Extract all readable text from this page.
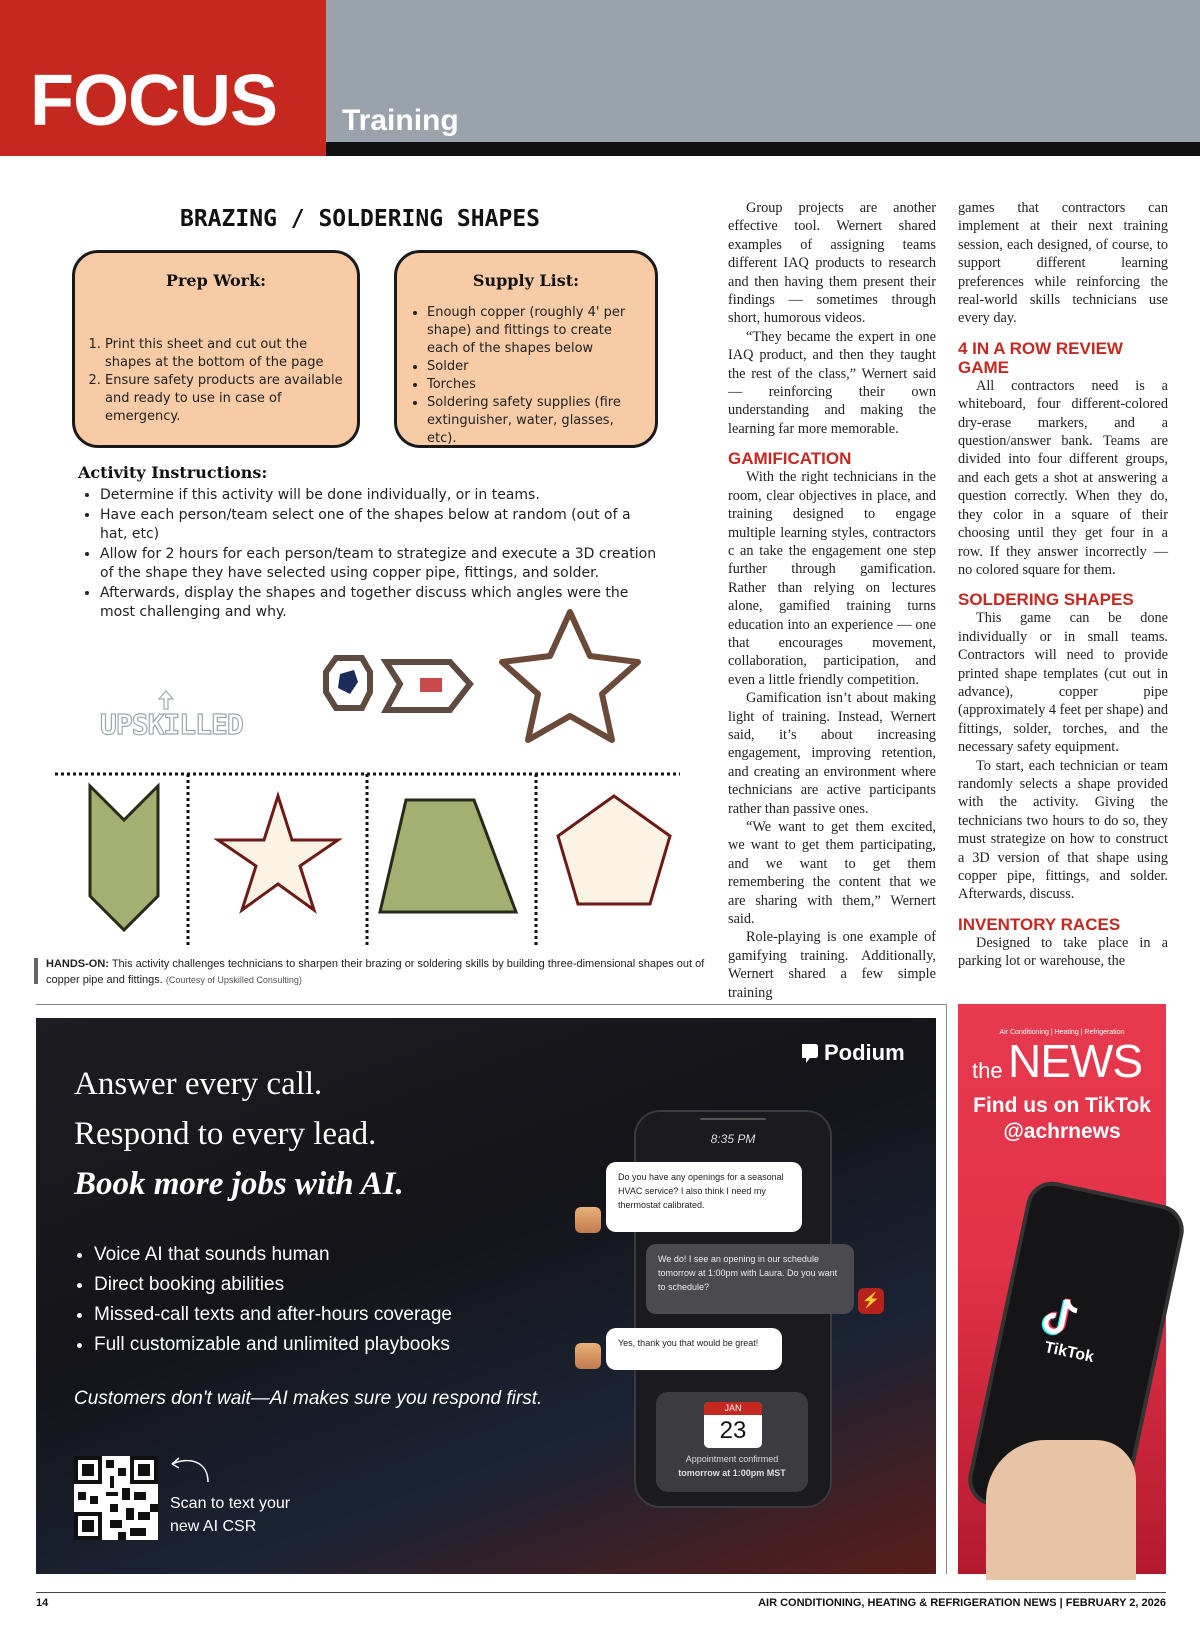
FOCUS Training
BRAZING / SOLDERING SHAPES
Prep Work:
1. Print this sheet and cut out the shapes at the bottom of the page
2. Ensure safety products are available and ready to use in case of emergency.
Supply List:
• Enough copper (roughly 4' per shape) and fittings to create each of the shapes below
• Solder
• Torches
• Soldering safety supplies (fire extinguisher, water, glasses, etc).
Activity Instructions:
• Determine if this activity will be done individually, or in teams.
• Have each person/team select one of the shapes below at random (out of a hat, etc)
• Allow for 2 hours for each person/team to strategize and execute a 3D creation of the shape they have selected using copper pipe, fittings, and solder.
• Afterwards, display the shapes and together discuss which angles were the most challenging and why.
UPSKILLED
HANDS-ON: This activity challenges technicians to sharpen their brazing or soldering skills by building three-dimensional shapes out of copper pipe and fittings. (Courtesy of Upskilled Consulting)

Group projects are another effective tool. Wernert shared examples of assigning teams different IAQ products to research and then having them present their findings — sometimes through short, humorous videos.

“They became the expert in one IAQ product, and then they taught the rest of the class,” Wernert said — reinforcing their own understanding and making the learning far more memorable.

GAMIFICATION

With the right technicians in the room, clear objectives in place, and training designed to engage multiple learning styles, contractors c an take the engagement one step further through gamification. Rather than relying on lectures alone, gamified training turns education into an experience — one that encourages movement, collaboration, participation, and even a little friendly competition.

Gamification isn’t about making light of training. Instead, Wernert said, it’s about increasing engagement, improving retention, and creating an environment where technicians are active participants rather than passive ones.

“We want to get them excited, we want to get them participating, and we want to get them remembering the content that we are sharing with them,” Wernert said.

Role-playing is one example of gamifying training. Additionally, Wernert shared a few simple training

games that contractors can implement at their next training session, each designed, of course, to support different learning preferences while reinforcing the real-world skills technicians use every day.

4 IN A ROW REVIEW GAME

All contractors need is a whiteboard, four different-colored dry-erase markers, and a question/answer bank. Teams are divided into four different groups, and each gets a shot at answering a question correctly. When they do, they color in a square of their choosing until they get four in a row. If they answer incorrectly — no colored square for them.

SOLDERING SHAPES

This game can be done individually or in small teams. Contractors will need to provide printed shape templates (cut out in advance), copper pipe (approximately 4 feet per shape) and fittings, solder, torches, and the necessary safety equipment.

To start, each technician or team randomly selects a shape provided with the activity. Giving the technicians two hours to do so, they must strategize on how to construct a 3D version of that shape using copper pipe, fittings, and solder. Afterwards, discuss.

INVENTORY RACES

Designed to take place in a parking lot or warehouse, the

Podium
Answer every call.
Respond to every lead.
Book more jobs with AI.
• Voice AI that sounds human
• Direct booking abilities
• Missed-call texts and after-hours coverage
• Full customizable and unlimited playbooks
Customers don't wait—AI makes sure you respond first.
Scan to text your
new AI CSR
8:35 PM
Do you have any openings for a seasonal HVAC service? I also think I need my thermostat calibrated.
We do! I see an opening in our schedule tomorrow at 1:00pm with Laura. Do you want to schedule?
⚡
Yes, thank you that would be great!
JAN
23
Appointment confirmed
tomorrow at 1:00pm MST
Air Conditioning | Heating | Refrigeration
the NEWS
Find us on TikTok
@achrnews
TikTok
14	AIR CONDITIONING, HEATING & REFRIGERATION NEWS | FEBRUARY 2, 2026
